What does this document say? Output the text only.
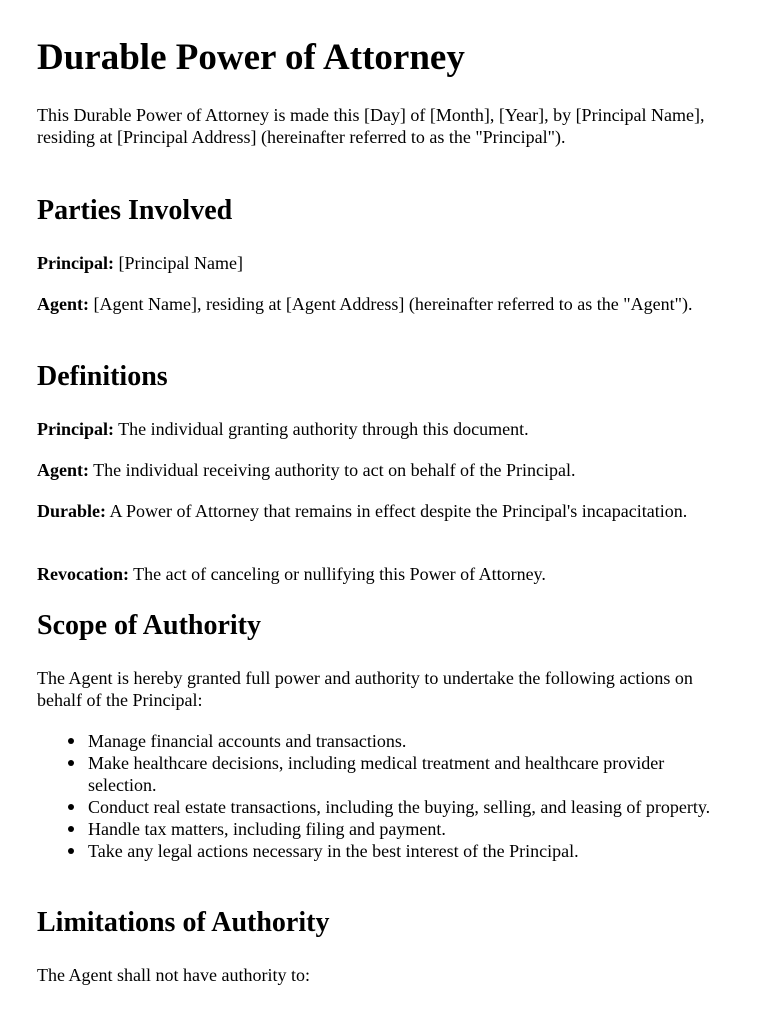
Durable Power of Attorney

This Durable Power of Attorney is made this [Day] of [Month], [Year], by [Principal Name], residing at [Principal Address] (hereinafter referred to as the "Principal").

Parties Involved

Principal: [Principal Name]

Agent: [Agent Name], residing at [Agent Address] (hereinafter referred to as the "Agent").

Definitions

Principal: The individual granting authority through this document.

Agent: The individual receiving authority to act on behalf of the Principal.

Durable: A Power of Attorney that remains in effect despite the Principal's incapacitation.

Revocation: The act of canceling or nullifying this Power of Attorney.

Scope of Authority

The Agent is hereby granted full power and authority to undertake the following actions on behalf of the Principal:

Manage financial accounts and transactions.
Make healthcare decisions, including medical treatment and healthcare provider selection.
Conduct real estate transactions, including the buying, selling, and leasing of property.
Handle tax matters, including filing and payment.
Take any legal actions necessary in the best interest of the Principal.
Limitations of Authority

The Agent shall not have authority to:
